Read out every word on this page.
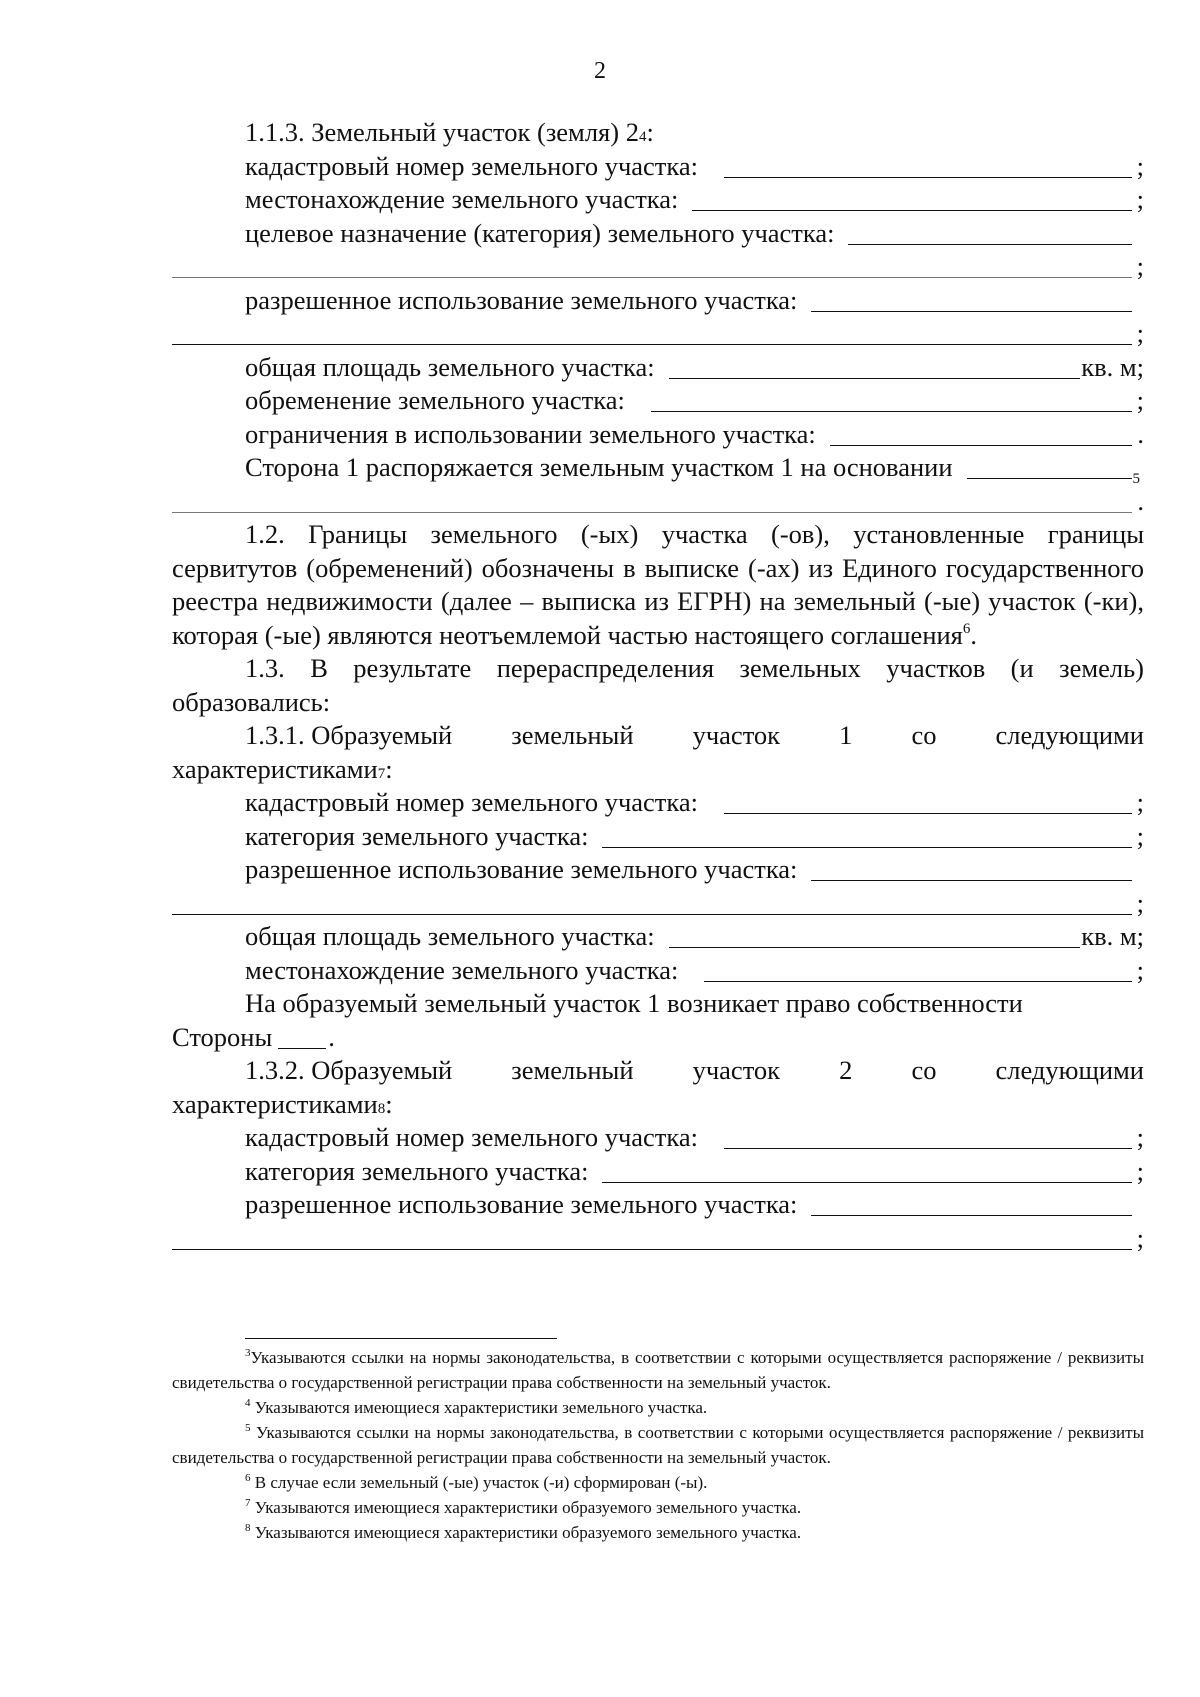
2
1.1.3. Земельный участок (земля) 2 4 :
кадастровый номер земельного участка:	;
местонахождение земельного участка:	;
целевое назначение (категория) земельного участка:
;
разрешенное использование земельного участка:
;
общая площадь земельного участка:	кв. м;
обременение земельного участка:	;
ограничения в использовании земельного участка:	.
Сторона 1 распоряжается земельным участком 1 на основании	5
.
1.2. Границы земельного (-ых) участка (-ов), установленные границы сервитутов (обременений) обозначены в выписке (-ах) из Единого государственного реестра недвижимости (далее – выписка из ЕГРН) на земельный (-ые) участок (-ки), которая (-ые) являются неотъемлемой частью настоящего соглашения$^6$.
1.3. В результате перераспределения земельных участков (и земель) образовались:
1.3.1. Образуемый земельный участок 1 со следующими
характеристиками 7 :
кадастровый номер земельного участка:	;
категория земельного участка:	;
разрешенное использование земельного участка:
;
общая площадь земельного участка:	кв. м;
местонахождение земельного участка:	;
На образуемый земельный участок 1 возникает право собственности
Стороны .
1.3.2. Образуемый земельный участок 2 со следующими
характеристиками 8 :
кадастровый номер земельного участка:	;
категория земельного участка:	;
разрешенное использование земельного участка:
;
$^3$Указываются ссылки на нормы законодательства, в соответствии с которыми осуществляется распоряжение / реквизиты свидетельства о государственной регистрации права собственности на земельный участок.
$^4$ Указываются имеющиеся характеристики земельного участка.
$^5$ Указываются ссылки на нормы законодательства, в соответствии с которыми осуществляется распоряжение / реквизиты свидетельства о государственной регистрации права собственности на земельный участок.
$^6$ В случае если земельный (-ые) участок (-и) сформирован (-ы).
$^7$ Указываются имеющиеся характеристики образуемого земельного участка.
$^8$ Указываются имеющиеся характеристики образуемого земельного участка.
